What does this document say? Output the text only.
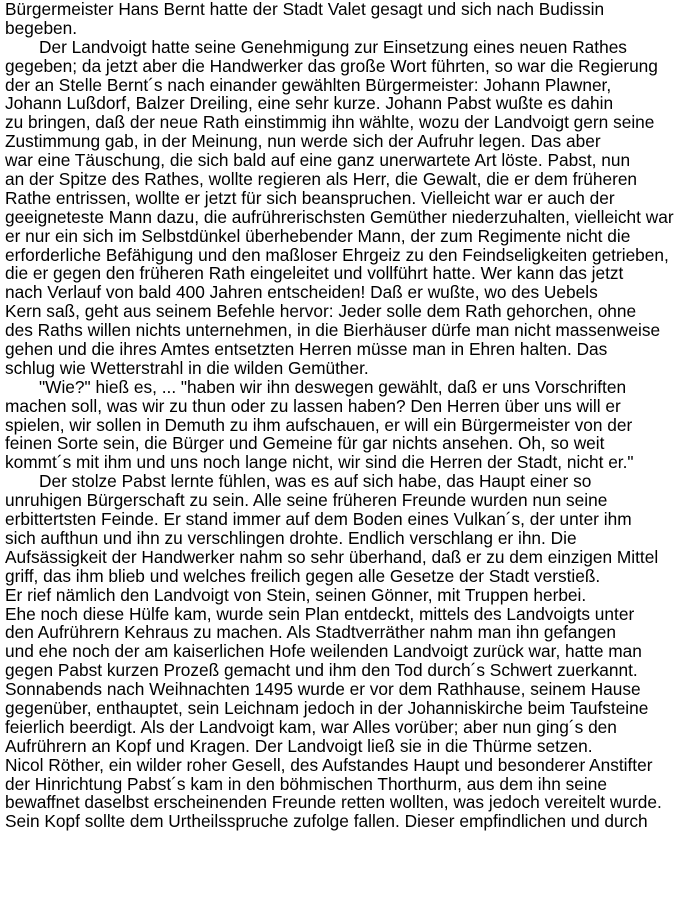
Bürgermeister Hans Bernt hatte der Stadt Valet gesagt und sich nach Budissin
begeben.
Der Landvoigt hatte seine Genehmigung zur Einsetzung eines neuen Rathes
gegeben; da jetzt aber die Handwerker das große Wort führten, so war die Regierung
der an Stelle Bernt´s nach einander gewählten Bürgermeister: Johann Plawner,
Johann Lußdorf, Balzer Dreiling, eine sehr kurze. Johann Pabst wußte es dahin
zu bringen, daß der neue Rath einstimmig ihn wählte, wozu der Landvoigt gern seine
Zustimmung gab, in der Meinung, nun werde sich der Aufruhr legen. Das aber
war eine Täuschung, die sich bald auf eine ganz unerwartete Art löste. Pabst, nun
an der Spitze des Rathes, wollte regieren als Herr, die Gewalt, die er dem früheren
Rathe entrissen, wollte er jetzt für sich beanspruchen. Vielleicht war er auch der
geeigneteste Mann dazu, die aufrührerischsten Gemüther niederzuhalten, vielleicht war
er nur ein sich im Selbstdünkel überhebender Mann, der zum Regimente nicht die
erforderliche Befähigung und den maßloser Ehrgeiz zu den Feindseligkeiten getrieben,
die er gegen den früheren Rath eingeleitet und vollführt hatte. Wer kann das jetzt
nach Verlauf von bald 400 Jahren entscheiden! Daß er wußte, wo des Uebels
Kern saß, geht aus seinem Befehle hervor: Jeder solle dem Rath gehorchen, ohne
des Raths willen nichts unternehmen, in die Bierhäuser dürfe man nicht massenweise
gehen und die ihres Amtes entsetzten Herren müsse man in Ehren halten. Das
schlug wie Wetterstrahl in die wilden Gemüther.
"Wie?" hieß es, ... "haben wir ihn deswegen gewählt, daß er uns Vorschriften
machen soll, was wir zu thun oder zu lassen haben? Den Herren über uns will er
spielen, wir sollen in Demuth zu ihm aufschauen, er will ein Bürgermeister von der
feinen Sorte sein, die Bürger und Gemeine für gar nichts ansehen. Oh, so weit
kommt´s mit ihm und uns noch lange nicht, wir sind die Herren der Stadt, nicht er."
Der stolze Pabst lernte fühlen, was es auf sich habe, das Haupt einer so
unruhigen Bürgerschaft zu sein. Alle seine früheren Freunde wurden nun seine
erbittertsten Feinde. Er stand immer auf dem Boden eines Vulkan´s, der unter ihm
sich aufthun und ihn zu verschlingen drohte. Endlich verschlang er ihn. Die
Aufsässigkeit der Handwerker nahm so sehr überhand, daß er zu dem einzigen Mittel
griff, das ihm blieb und welches freilich gegen alle Gesetze der Stadt verstieß.
Er rief nämlich den Landvoigt von Stein, seinen Gönner, mit Truppen herbei.
Ehe noch diese Hülfe kam, wurde sein Plan entdeckt, mittels des Landvoigts unter
den Aufrührern Kehraus zu machen. Als Stadtverräther nahm man ihn gefangen
und ehe noch der am kaiserlichen Hofe weilenden Landvoigt zurück war, hatte man
gegen Pabst kurzen Prozeß gemacht und ihm den Tod durch´s Schwert zuerkannt.
Sonnabends nach Weihnachten 1495 wurde er vor dem Rathhause, seinem Hause
gegenüber, enthauptet, sein Leichnam jedoch in der Johanniskirche beim Taufsteine
feierlich beerdigt. Als der Landvoigt kam, war Alles vorüber; aber nun ging´s den
Aufrührern an Kopf und Kragen. Der Landvoigt ließ sie in die Thürme setzen.
Nicol Röther, ein wilder roher Gesell, des Aufstandes Haupt und besonderer Anstifter
der Hinrichtung Pabst´s kam in den böhmischen Thorthurm, aus dem ihn seine
bewaffnet daselbst erscheinenden Freunde retten wollten, was jedoch vereitelt wurde.
Sein Kopf sollte dem Urtheilsspruche zufolge fallen. Dieser empfindlichen und durch
